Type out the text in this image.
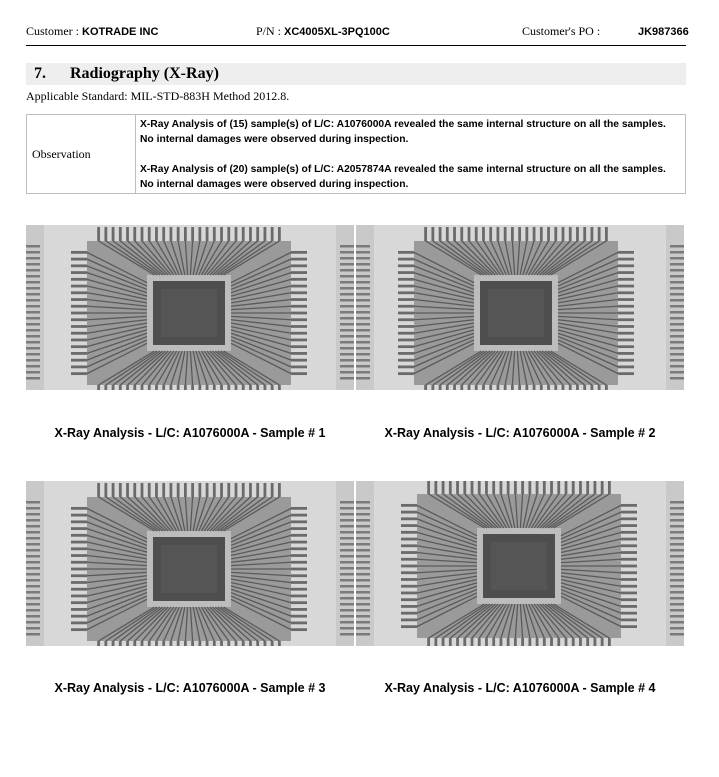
Customer : KOTRADE INC	P/N : XC4005XL-3PQ100C	Customer's PO :	JK987366
7. Radiography (X-Ray)
Applicable Standard: MIL-STD-883H Method 2012.8.
Observation

X-Ray Analysis of (15) sample(s) of L/C: A1076000A revealed the same internal structure on all the samples. No internal damages were observed during inspection.

X-Ray Analysis of (20) sample(s) of L/C: A2057874A revealed the same internal structure on all the samples. No internal damages were observed during inspection.

X-Ray Analysis - L/C: A1076000A - Sample # 1	X-Ray Analysis - L/C: A1076000A - Sample # 2
X-Ray Analysis - L/C: A1076000A - Sample # 3	X-Ray Analysis - L/C: A1076000A - Sample # 4
